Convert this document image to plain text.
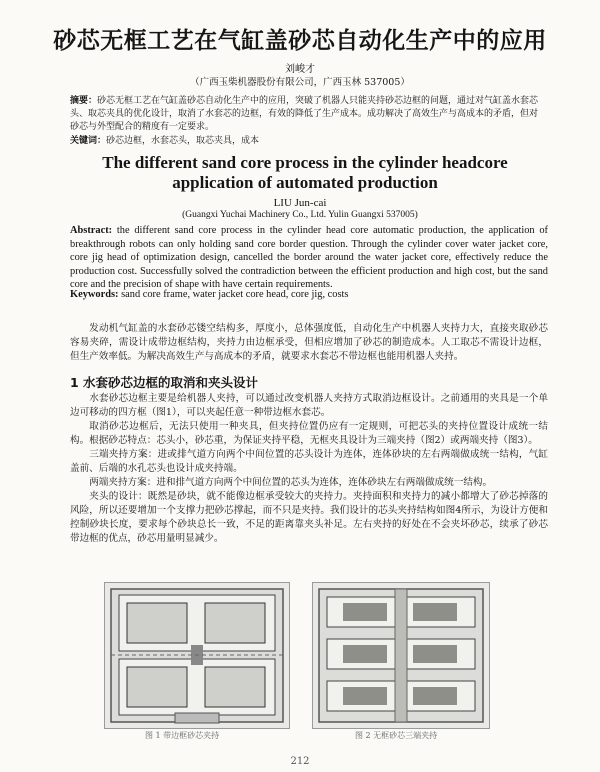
砂芯无框工艺在气缸盖砂芯自动化生产中的应用
刘峻才
（广西玉柴机器股份有限公司，广西玉林 537005）
摘要：砂芯无框工艺在气缸盖砂芯自动化生产中的应用，突破了机器人只能夹持砂芯边框的问题，通过对气缸盖水套芯头、取芯夹具的优化设计，取消了水套芯的边框，有效的降低了生产成本。成功解决了高效生产与高成本的矛盾，但对砂芯与外型配合的精度有一定要求。
关键词：砂芯边框，水套芯头，取芯夹具，成本
The different sand core process in the cylinder headcore application of automated production
LIU Jun-cai
(Guangxi Yuchai Machinery Co., Ltd. Yulin Guangxi 537005)
Abstract: the different sand core process in the cylinder head core automatic production, the application of breakthrough robots can only holding sand core border question. Through the cylinder cover water jacket core, core jig head of optimization design, cancelled the border around the water jacket core, effectively reduce the production cost. Successfully solved the contradiction between the efficient production and high cost, but the sand core and the precision of shape with have certain requirements.
Keywords: sand core frame, water jacket core head, core jig, costs
发动机气缸盖的水套砂芯镂空结构多，厚度小，总体强度低，自动化生产中机器人夹持力大，直接夹取砂芯容易夹碎，需设计成带边框结构，夹持力由边框承受，但相应增加了砂芯的制造成本。人工取芯不需设计边框，但生产效率低。为解决高效生产与高成本的矛盾，就要求水套芯不带边框也能用机器人夹持。
1 水套砂芯边框的取消和夹头设计

水套砂芯边框主要是给机器人夹持，可以通过改变机器人夹持方式取消边框设计。之前通用的夹具是一个单边可移动的四方框（图1），可以夹起任意一种带边框水套芯。

取消砂芯边框后，无法只使用一种夹具，但夹持位置仍应有一定规则，可把芯头的夹持位置设计成统一结构。根据砂芯特点：芯头小，砂芯重，为保证夹持平稳，无框夹具设计为三端夹持（图2）或两端夹持（图3）。

三端夹持方案：进或排气道方向两个中间位置的芯头设计为连体，连体砂块的左右两端做成统一结构，气缸盖前、后端的水孔芯头也设计成夹持端。

两端夹持方案：进和排气道方向两个中间位置的芯头为连体，连体砂块左右两端做成统一结构。

夹头的设计：既然是砂块，就不能像边框承受较大的夹持力。夹持面积和夹持力的减小都增大了砂芯掉落的风险，所以还要增加一个支撑力把砂芯撑起，而不只是夹持。我们设计的芯头夹持结构如图4所示，为设计方便和控制砂块长度，要求每个砂块总长一致，不足的距离靠夹头补足。左右夹持的好处在不会夹坏砂芯，续承了砂芯带边框的优点，砂芯用量明显减少。

图 1 带边框砂芯夹持	图 2 无框砂芯三端夹持
212
